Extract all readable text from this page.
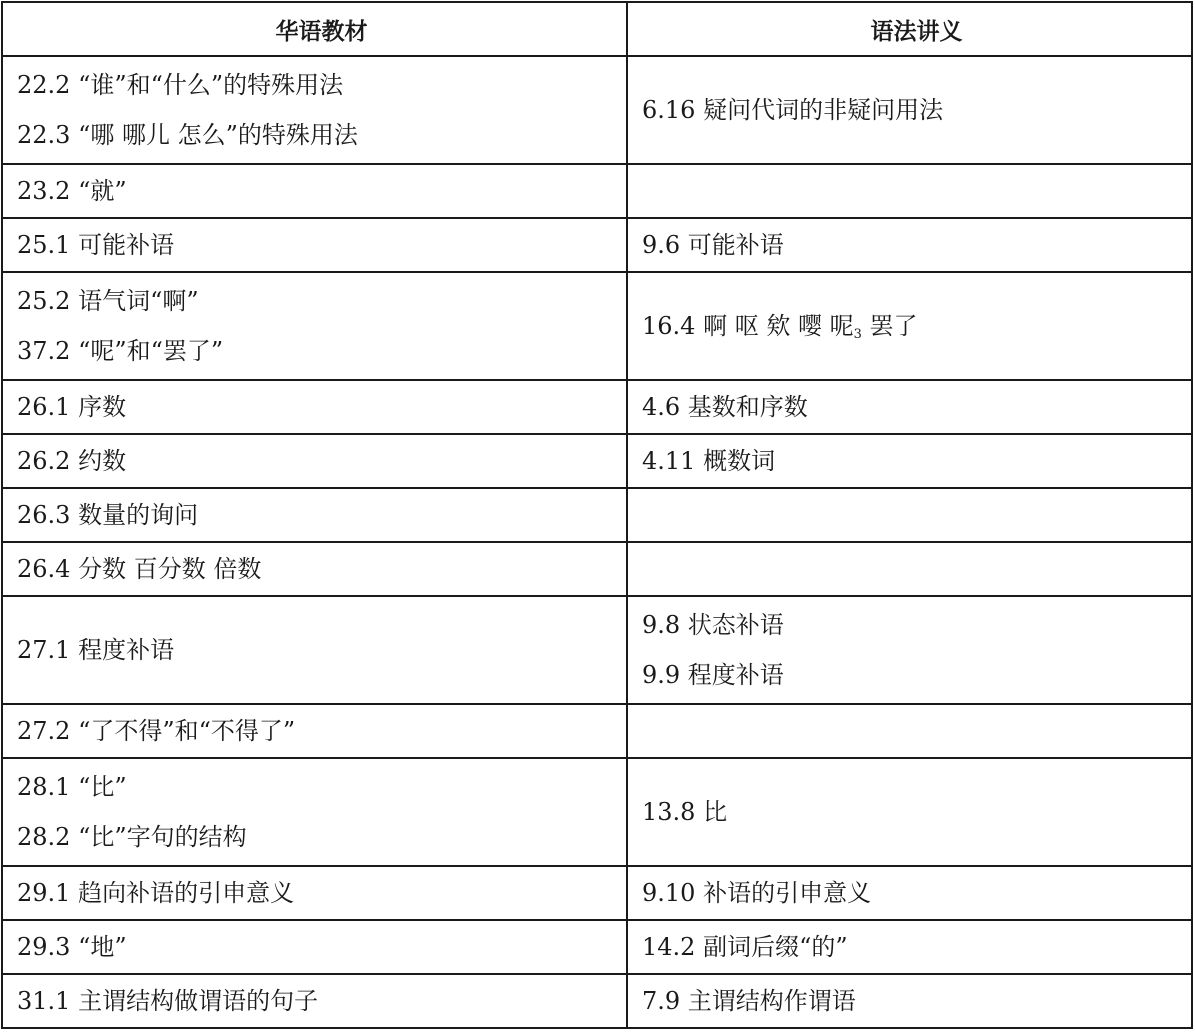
华语教材	语法讲义

22.2 “谁”和“什么”的特殊用法
22.3 “哪 哪儿 怎么”的特殊用法	6.16 疑问代词的非疑问用法

23.2 “就”	

25.1 可能补语	9.6 可能补语

25.2 语气词“啊”
37.2 “呢”和“罢了”	16.4 啊 呕 欸 嘤 呢$_3$ 罢了

26.1 序数	4.6 基数和序数

26.2 约数	4.11 概数词

26.3 数量的询问	

26.4 分数 百分数 倍数	

27.1 程度补语	9.8 状态补语
9.9 程度补语

27.2 “了不得”和“不得了”	

28.1 “比”
28.2 “比”字句的结构	13.8 比

29.1 趋向补语的引申意义	9.10 补语的引申意义

29.3 “地”	14.2 副词后缀“的”

31.1 主谓结构做谓语的句子	7.9 主谓结构作谓语
